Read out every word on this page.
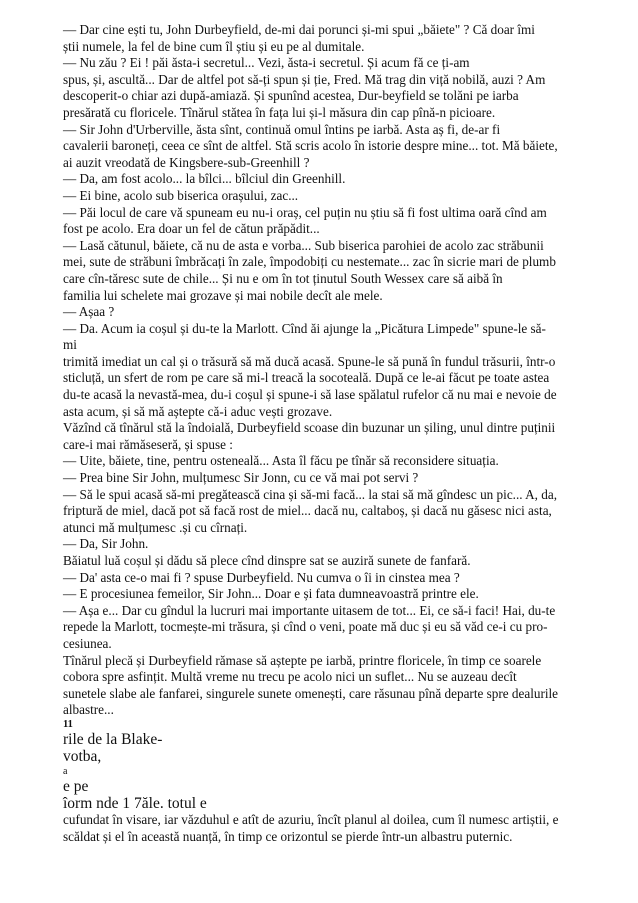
— Dar cine ești tu, John Durbeyfield, de-mi dai porunci și-mi spui „băiete" ? Că doar îmi
știi numele, la fel de bine cum îl știu și eu pe al dumitale.
— Nu zău ? Ei ! păi ăsta-i secretul... Vezi, ăsta-i secretul. Și acum fă ce ți-am
spus, și, ascultă... Dar de altfel pot să-ți spun și ție, Fred. Mă trag din viță nobilă, auzi ? Am
descoperit-o chiar azi după-amiază. Și spunînd acestea, Dur-beyfield se tolăni pe iarba
presărată cu floricele. Tînărul stătea în fața lui și-l măsura din cap pînă-n picioare.
— Sir John d'Urberville, ăsta sînt, continuă omul întins pe iarbă. Asta aș fi, de-ar fi
cavalerii baroneți, ceea ce sînt de altfel. Stă scris acolo în istorie despre mine... tot. Mă băiete,
ai auzit vreodată de Kingsbere-sub-Greenhill ?
— Da, am fost acolo... la bîlci... bîlciul din Greenhill.
— Ei bine, acolo sub biserica orașului, zac...
— Păi locul de care vă spuneam eu nu-i oraș, cel puțin nu știu să fi fost ultima oară cînd am
fost pe acolo. Era doar un fel de cătun prăpădit...
— Lasă cătunul, băiete, că nu de asta e vorba... Sub biserica parohiei de acolo zac străbunii
mei, sute de străbuni îmbrăcați în zale, împodobiți cu nestemate... zac în sicrie mari de plumb
care cîn-tăresc sute de chile... Și nu e om în tot ținutul South Wessex care să aibă în
familia lui schelete mai grozave și mai nobile decît ale mele.
— Așaa ?
— Da. Acum ia coșul și du-te la Marlott. Cînd ăi ajunge la „Picătura Limpede" spune-le să-
mi
trimită imediat un cal și o trăsură să mă ducă acasă. Spune-le să pună în fundul trăsurii, într-o
sticluță, un sfert de rom pe care să mi-l treacă la socoteală. După ce le-ai făcut pe toate astea
du-te acasă la nevastă-mea, du-i coșul și spune-i să lase spălatul rufelor că nu mai e nevoie de
asta acum, și să mă aștepte că-i aduc vești grozave.
Văzînd că tînărul stă la îndoială, Durbeyfield scoase din buzunar un șiling, unul dintre puținii
care-i mai rămăseseră, și spuse :
— Uite, băiete, tine, pentru osteneală... Asta îl făcu pe tînăr să reconsidere situația.
— Prea bine Sir John, mulțumesc Sir Jonn, cu ce vă mai pot servi ?
— Să le spui acasă să-mi pregătească cina și să-mi facă... la stai să mă gîndesc un pic... A, da,
friptură de miel, dacă pot să facă rost de miel... dacă nu, caltaboș, și dacă nu găsesc nici asta,
atunci mă mulțumesc .și cu cîrnați.
— Da, Sir John.
Băiatul luă coșul și dădu să plece cînd dinspre sat se auziră sunete de fanfară.
— Da' asta ce-o mai fi ? spuse Durbeyfield. Nu cumva o îi in cinstea mea ?
— E procesiunea femeilor, Sir John... Doar e și fata dumneavoastră printre ele.
— Așa e... Dar cu gîndul la lucruri mai importante uitasem de tot... Ei, ce să-i faci! Hai, du-te
repede la Marlott, tocmește-mi trăsura, și cînd o veni, poate mă duc și eu să văd ce-i cu pro-
cesiunea.
Tînărul plecă și Durbeyfield rămase să aștepte pe iarbă, printre floricele, în timp ce soarele
cobora spre asfințit. Multă vreme nu trecu pe acolo nici un suflet... Nu se auzeau decît
sunetele slabe ale fanfarei, singurele sunete omenești, care răsunau pînă departe spre dealurile
albastre...
11
rile de la Blake-
votba,
a
e pe
îorm nde 1 7ăle. totul e
cufundat în visare, iar văzduhul e atît de azuriu, încît planul al doilea, cum îl numesc artiștii, e
scăldat și el în această nuanță, în timp ce orizontul se pierde într-un albastru puternic.
